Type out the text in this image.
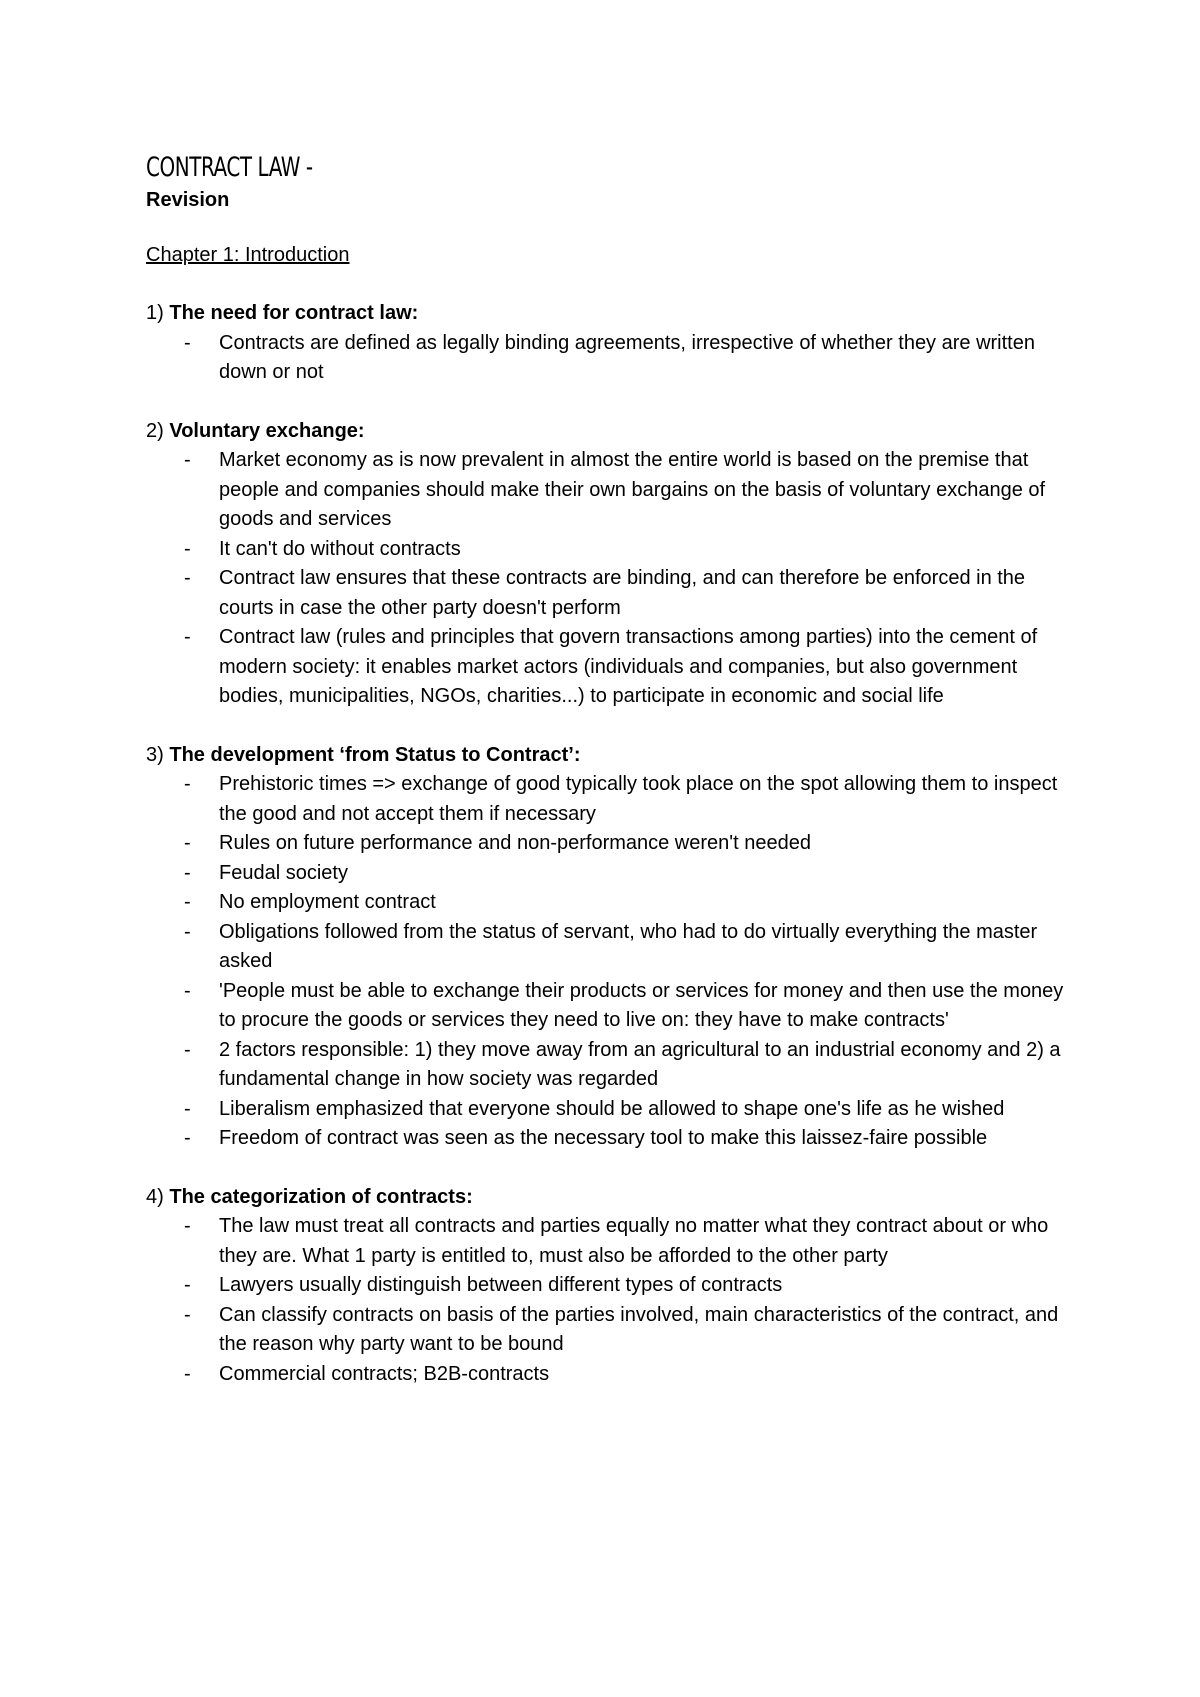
CONTRACT LAW -
Revision
Chapter 1: Introduction
1) The need for contract law:
- Contracts are defined as legally binding agreements, irrespective of whether they are written down or not
2) Voluntary exchange:
- Market economy as is now prevalent in almost the entire world is based on the premise that people and companies should make their own bargains on the basis of voluntary exchange of goods and services
- It can't do without contracts
- Contract law ensures that these contracts are binding, and can therefore be enforced in the courts in case the other party doesn't perform
- Contract law (rules and principles that govern transactions among parties) into the cement of modern society: it enables market actors (individuals and companies, but also government bodies, municipalities, NGOs, charities...) to participate in economic and social life
3) The development ‘from Status to Contract’:
- Prehistoric times => exchange of good typically took place on the spot allowing them to inspect the good and not accept them if necessary
- Rules on future performance and non-performance weren't needed
- Feudal society
- No employment contract
- Obligations followed from the status of servant, who had to do virtually everything the master asked
- 'People must be able to exchange their products or services for money and then use the money to procure the goods or services they need to live on: they have to make contracts'
- 2 factors responsible: 1) they move away from an agricultural to an industrial economy and 2) a fundamental change in how society was regarded
- Liberalism emphasized that everyone should be allowed to shape one's life as he wished
- Freedom of contract was seen as the necessary tool to make this laissez-faire possible
4) The categorization of contracts:
- The law must treat all contracts and parties equally no matter what they contract about or who they are. What 1 party is entitled to, must also be afforded to the other party
- Lawyers usually distinguish between different types of contracts
- Can classify contracts on basis of the parties involved, main characteristics of the contract, and the reason why party want to be bound
- Commercial contracts; B2B-contracts
